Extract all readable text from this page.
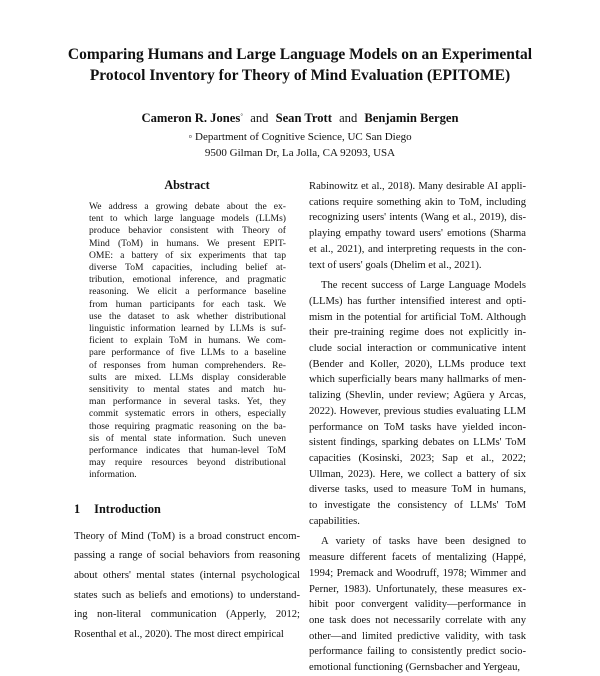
Comparing Humans and Large Language Models on an Experimental
Protocol Inventory for Theory of Mind Evaluation (EPITOME)
Cameron R. Jones◦ and Sean Trott and Benjamin Bergen
◦ Department of Cognitive Science, UC San Diego
9500 Gilman Dr, La Jolla, CA 92093, USA
Abstract
We address a growing debate about the ex-
tent to which large language models (LLMs)
produce behavior consistent with Theory of
Mind (ToM) in humans. We present EPIT-
OME: a battery of six experiments that tap
diverse ToM capacities, including belief at-
tribution, emotional inference, and pragmatic
reasoning. We elicit a performance baseline
from human participants for each task. We
use the dataset to ask whether distributional
linguistic information learned by LLMs is suf-
ficient to explain ToM in humans. We com-
pare performance of five LLMs to a baseline
of responses from human comprehenders. Re-
sults are mixed. LLMs display considerable
sensitivity to mental states and match hu-
man performance in several tasks. Yet, they
commit systematic errors in others, especially
those requiring pragmatic reasoning on the ba-
sis of mental state information. Such uneven
performance indicates that human-level ToM
may require resources beyond distributional
information.
1 Introduction
Theory of Mind (ToM) is a broad construct encom-
passing a range of social behaviors from reasoning
about others' mental states (internal psychological
states such as beliefs and emotions) to understand-
ing non-literal communication (Apperly, 2012;
Rosenthal et al., 2020). The most direct empirical
Rabinowitz et al., 2018). Many desirable AI appli-
cations require something akin to ToM, including
recognizing users' intents (Wang et al., 2019), dis-
playing empathy toward users' emotions (Sharma
et al., 2021), and interpreting requests in the con-
text of users' goals (Dhelim et al., 2021).
The recent success of Large Language Models
(LLMs) has further intensified interest and opti-
mism in the potential for artificial ToM. Although
their pre-training regime does not explicitly in-
clude social interaction or communicative intent
(Bender and Koller, 2020), LLMs produce text
which superficially bears many hallmarks of men-
talizing (Shevlin, under review; Agüera y Arcas,
2022). However, previous studies evaluating LLM
performance on ToM tasks have yielded incon-
sistent findings, sparking debates on LLMs' ToM
capacities (Kosinski, 2023; Sap et al., 2022;
Ullman, 2023). Here, we collect a battery of six
diverse tasks, used to measure ToM in humans,
to investigate the consistency of LLMs' ToM
capabilities.
A variety of tasks have been designed to
measure different facets of mentalizing (Happé,
1994; Premack and Woodruff, 1978; Wimmer and
Perner, 1983). Unfortunately, these measures ex-
hibit poor convergent validity—performance in
one task does not necessarily correlate with any
other—and limited predictive validity, with task
performance failing to consistently predict socio-
emotional functioning (Gernsbacher and Yergeau,
